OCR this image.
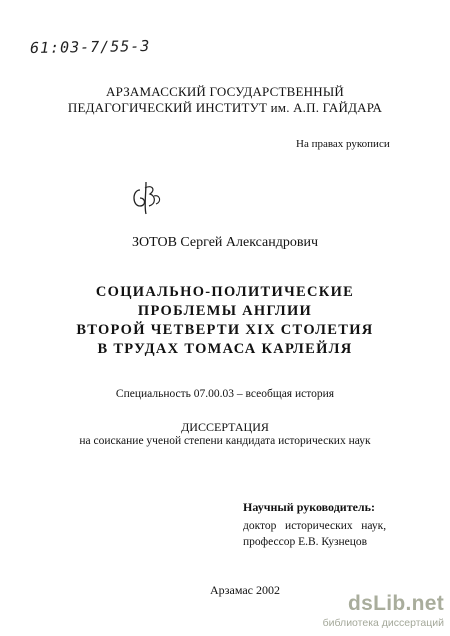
61:03-7/55-3
АРЗАМАССКИЙ ГОСУДАРСТВЕННЫЙ
ПЕДАГОГИЧЕСКИЙ ИНСТИТУТ им. А.П. ГАЙДАРА
На правах рукописи
ЗОТОВ Сергей Александрович
СОЦИАЛЬНО-ПОЛИТИЧЕСКИЕ
ПРОБЛЕМЫ АНГЛИИ
ВТОРОЙ ЧЕТВЕРТИ XIX СТОЛЕТИЯ
В ТРУДАХ ТОМАСА КАРЛЕЙЛЯ
Специальность 07.00.03 – всеобщая история
ДИССЕРТАЦИЯ
на соискание ученой степени кандидата исторических наук
Научный руководитель:
доктор   исторических   наук,
профессор Е.В. Кузнецов
Арзамас 2002
dsLib.net
библиотека диссертаций
